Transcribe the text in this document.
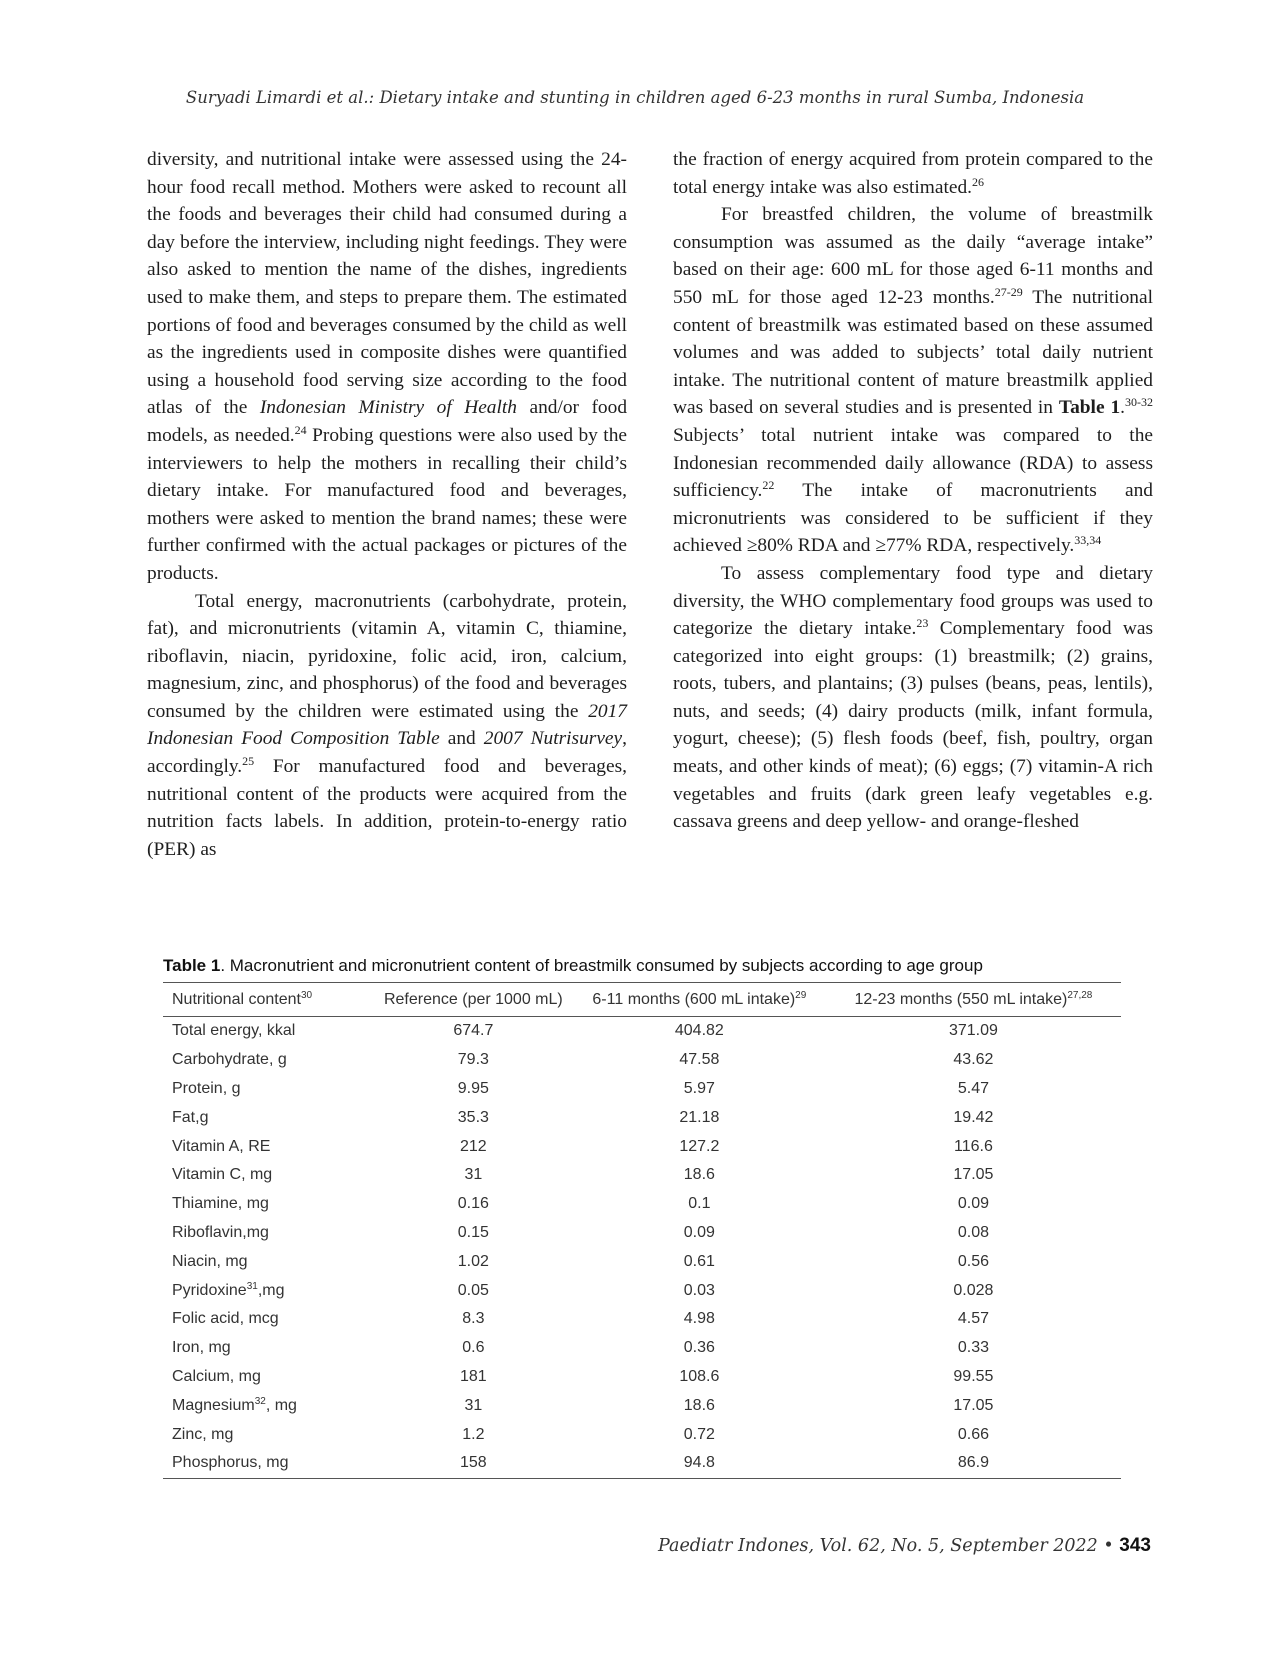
Suryadi Limardi et al.: Dietary intake and stunting in children aged 6-23 months in rural Sumba, Indonesia

diversity, and nutritional intake were assessed using the 24-hour food recall method. Mothers were asked to recount all the foods and beverages their child had consumed during a day before the interview, including night feedings. They were also asked to mention the name of the dishes, ingredients used to make them, and steps to prepare them. The estimated portions of food and beverages consumed by the child as well as the ingredients used in composite dishes were quantified using a household food serving size according to the food atlas of the Indonesian Ministry of Health and/or food models, as needed.$^{24}$ Probing questions were also used by the interviewers to help the mothers in recalling their child’s dietary intake. For manufactured food and beverages, mothers were asked to mention the brand names; these were further confirmed with the actual packages or pictures of the products.

Total energy, macronutrients (carbohydrate, protein, fat), and micronutrients (vitamin A, vitamin C, thiamine, riboflavin, niacin, pyridoxine, folic acid, iron, calcium, magnesium, zinc, and phosphorus) of the food and beverages consumed by the children were estimated using the 2017 Indonesian Food Composition Table and 2007 Nutrisurvey, accordingly.$^{25}$ For manufactured food and beverages, nutritional content of the products were acquired from the nutrition facts labels. In addition, protein-to-energy ratio (PER) as

the fraction of energy acquired from protein compared to the total energy intake was also estimated.$^{26}$

For breastfed children, the volume of breastmilk consumption was assumed as the daily “average intake” based on their age: 600 mL for those aged 6-11 months and 550 mL for those aged 12-23 months.$^{27-29}$ The nutritional content of breastmilk was estimated based on these assumed volumes and was added to subjects’ total daily nutrient intake. The nutritional content of mature breastmilk applied was based on several studies and is presented in Table 1.$^{30-32}$ Subjects’ total nutrient intake was compared to the Indonesian recommended daily allowance (RDA) to assess sufficiency.$^{22}$ The intake of macronutrients and micronutrients was considered to be sufficient if they achieved ≥80% RDA and ≥77% RDA, respectively.$^{33,34}$

To assess complementary food type and dietary diversity, the WHO complementary food groups was used to categorize the dietary intake.$^{23}$ Complementary food was categorized into eight groups: (1) breastmilk; (2) grains, roots, tubers, and plantains; (3) pulses (beans, peas, lentils), nuts, and seeds; (4) dairy products (milk, infant formula, yogurt, cheese); (5) flesh foods (beef, fish, poultry, organ meats, and other kinds of meat); (6) eggs; (7) vitamin-A rich vegetables and fruits (dark green leafy vegetables e.g. cassava greens and deep yellow- and orange-fleshed

Table 1. Macronutrient and micronutrient content of breastmilk consumed by subjects according to age group
Nutritional content$^{30}$	Reference (per 1000 mL)	6-11 months (600 mL intake)$^{29}$	12-23 months (550 mL intake)$^{27,28}$
Total energy, kkal	674.7	404.82	371.09
Carbohydrate, g	79.3	47.58	43.62
Protein, g	9.95	5.97	5.47
Fat,g	35.3	21.18	19.42
Vitamin A, RE	212	127.2	116.6
Vitamin C, mg	31	18.6	17.05
Thiamine, mg	0.16	0.1	0.09
Riboflavin,mg	0.15	0.09	0.08
Niacin, mg	1.02	0.61	0.56
Pyridoxine$^{31}$,mg	0.05	0.03	0.028
Folic acid, mcg	8.3	4.98	4.57
Iron, mg	0.6	0.36	0.33
Calcium, mg	181	108.6	99.55
Magnesium$^{32}$, mg	31	18.6	17.05
Zinc, mg	1.2	0.72	0.66
Phosphorus, mg	158	94.8	86.9
Paediatr Indones, Vol. 62, No. 5, September 2022 • 343
